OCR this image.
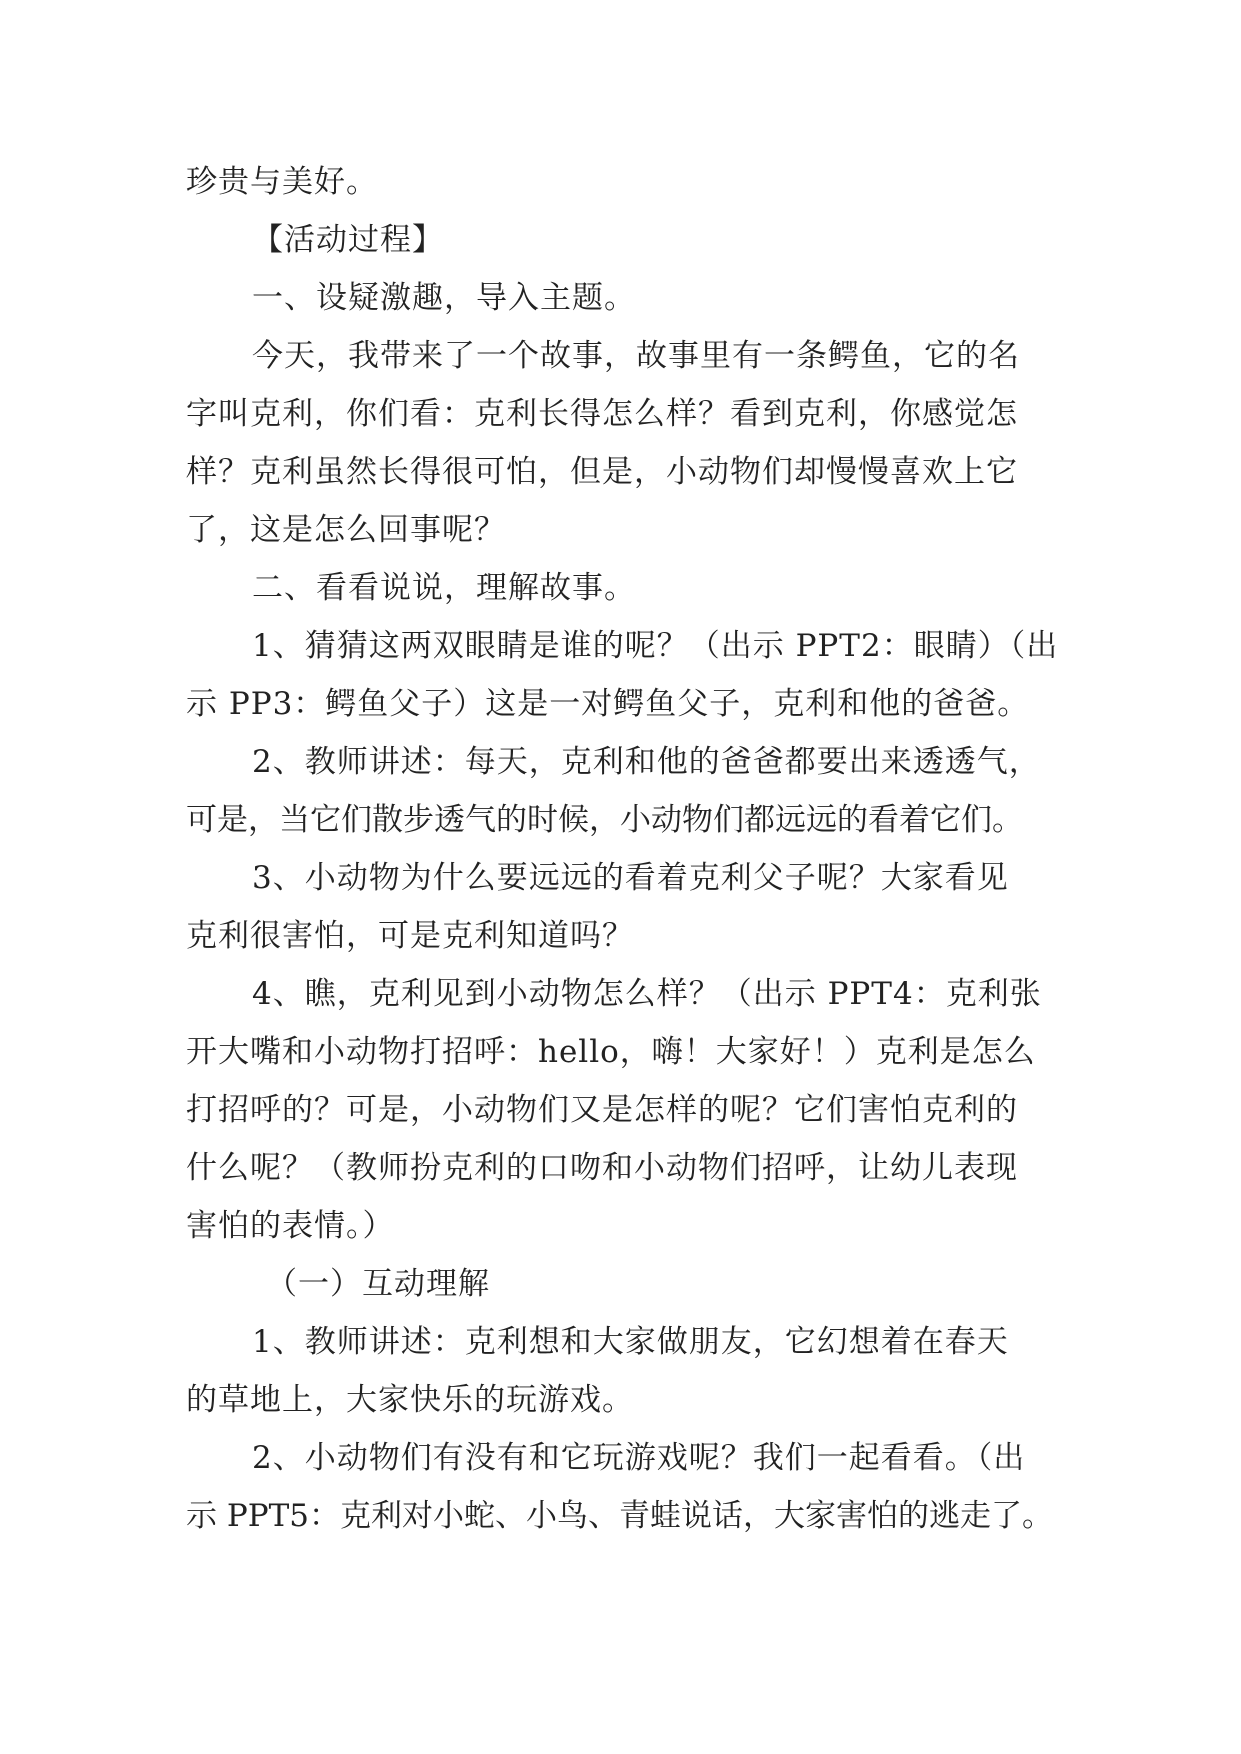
珍贵与美好。
【活动过程】
一、设疑激趣，导入主题。
今天，我带来了一个故事，故事里有一条鳄鱼，它的名
字叫克利，你们看：克利长得怎么样？看到克利，你感觉怎
样？克利虽然长得很可怕，但是，小动物们却慢慢喜欢上它
了，这是怎么回事呢？
二、看看说说，理解故事。
1、猜猜这两双眼睛是谁的呢？（出示 PPT2：眼睛）（出
示 PP3：鳄鱼父子）这是一对鳄鱼父子，克利和他的爸爸。
2、教师讲述：每天，克利和他的爸爸都要出来透透气，
可是，当它们散步透气的时候，小动物们都远远的看着它们。
3、小动物为什么要远远的看着克利父子呢？大家看见
克利很害怕，可是克利知道吗？
4、瞧，克利见到小动物怎么样？（出示 PPT4：克利张
开大嘴和小动物打招呼：hello，嗨！大家好！）克利是怎么
打招呼的？可是，小动物们又是怎样的呢？它们害怕克利的
什么呢？（教师扮克利的口吻和小动物们招呼，让幼儿表现
害怕的表情。）
（一）互动理解
1、教师讲述：克利想和大家做朋友，它幻想着在春天
的草地上，大家快乐的玩游戏。
2、小动物们有没有和它玩游戏呢？我们一起看看。（出
示 PPT5：克利对小蛇、小鸟、青蛙说话，大家害怕的逃走了。
